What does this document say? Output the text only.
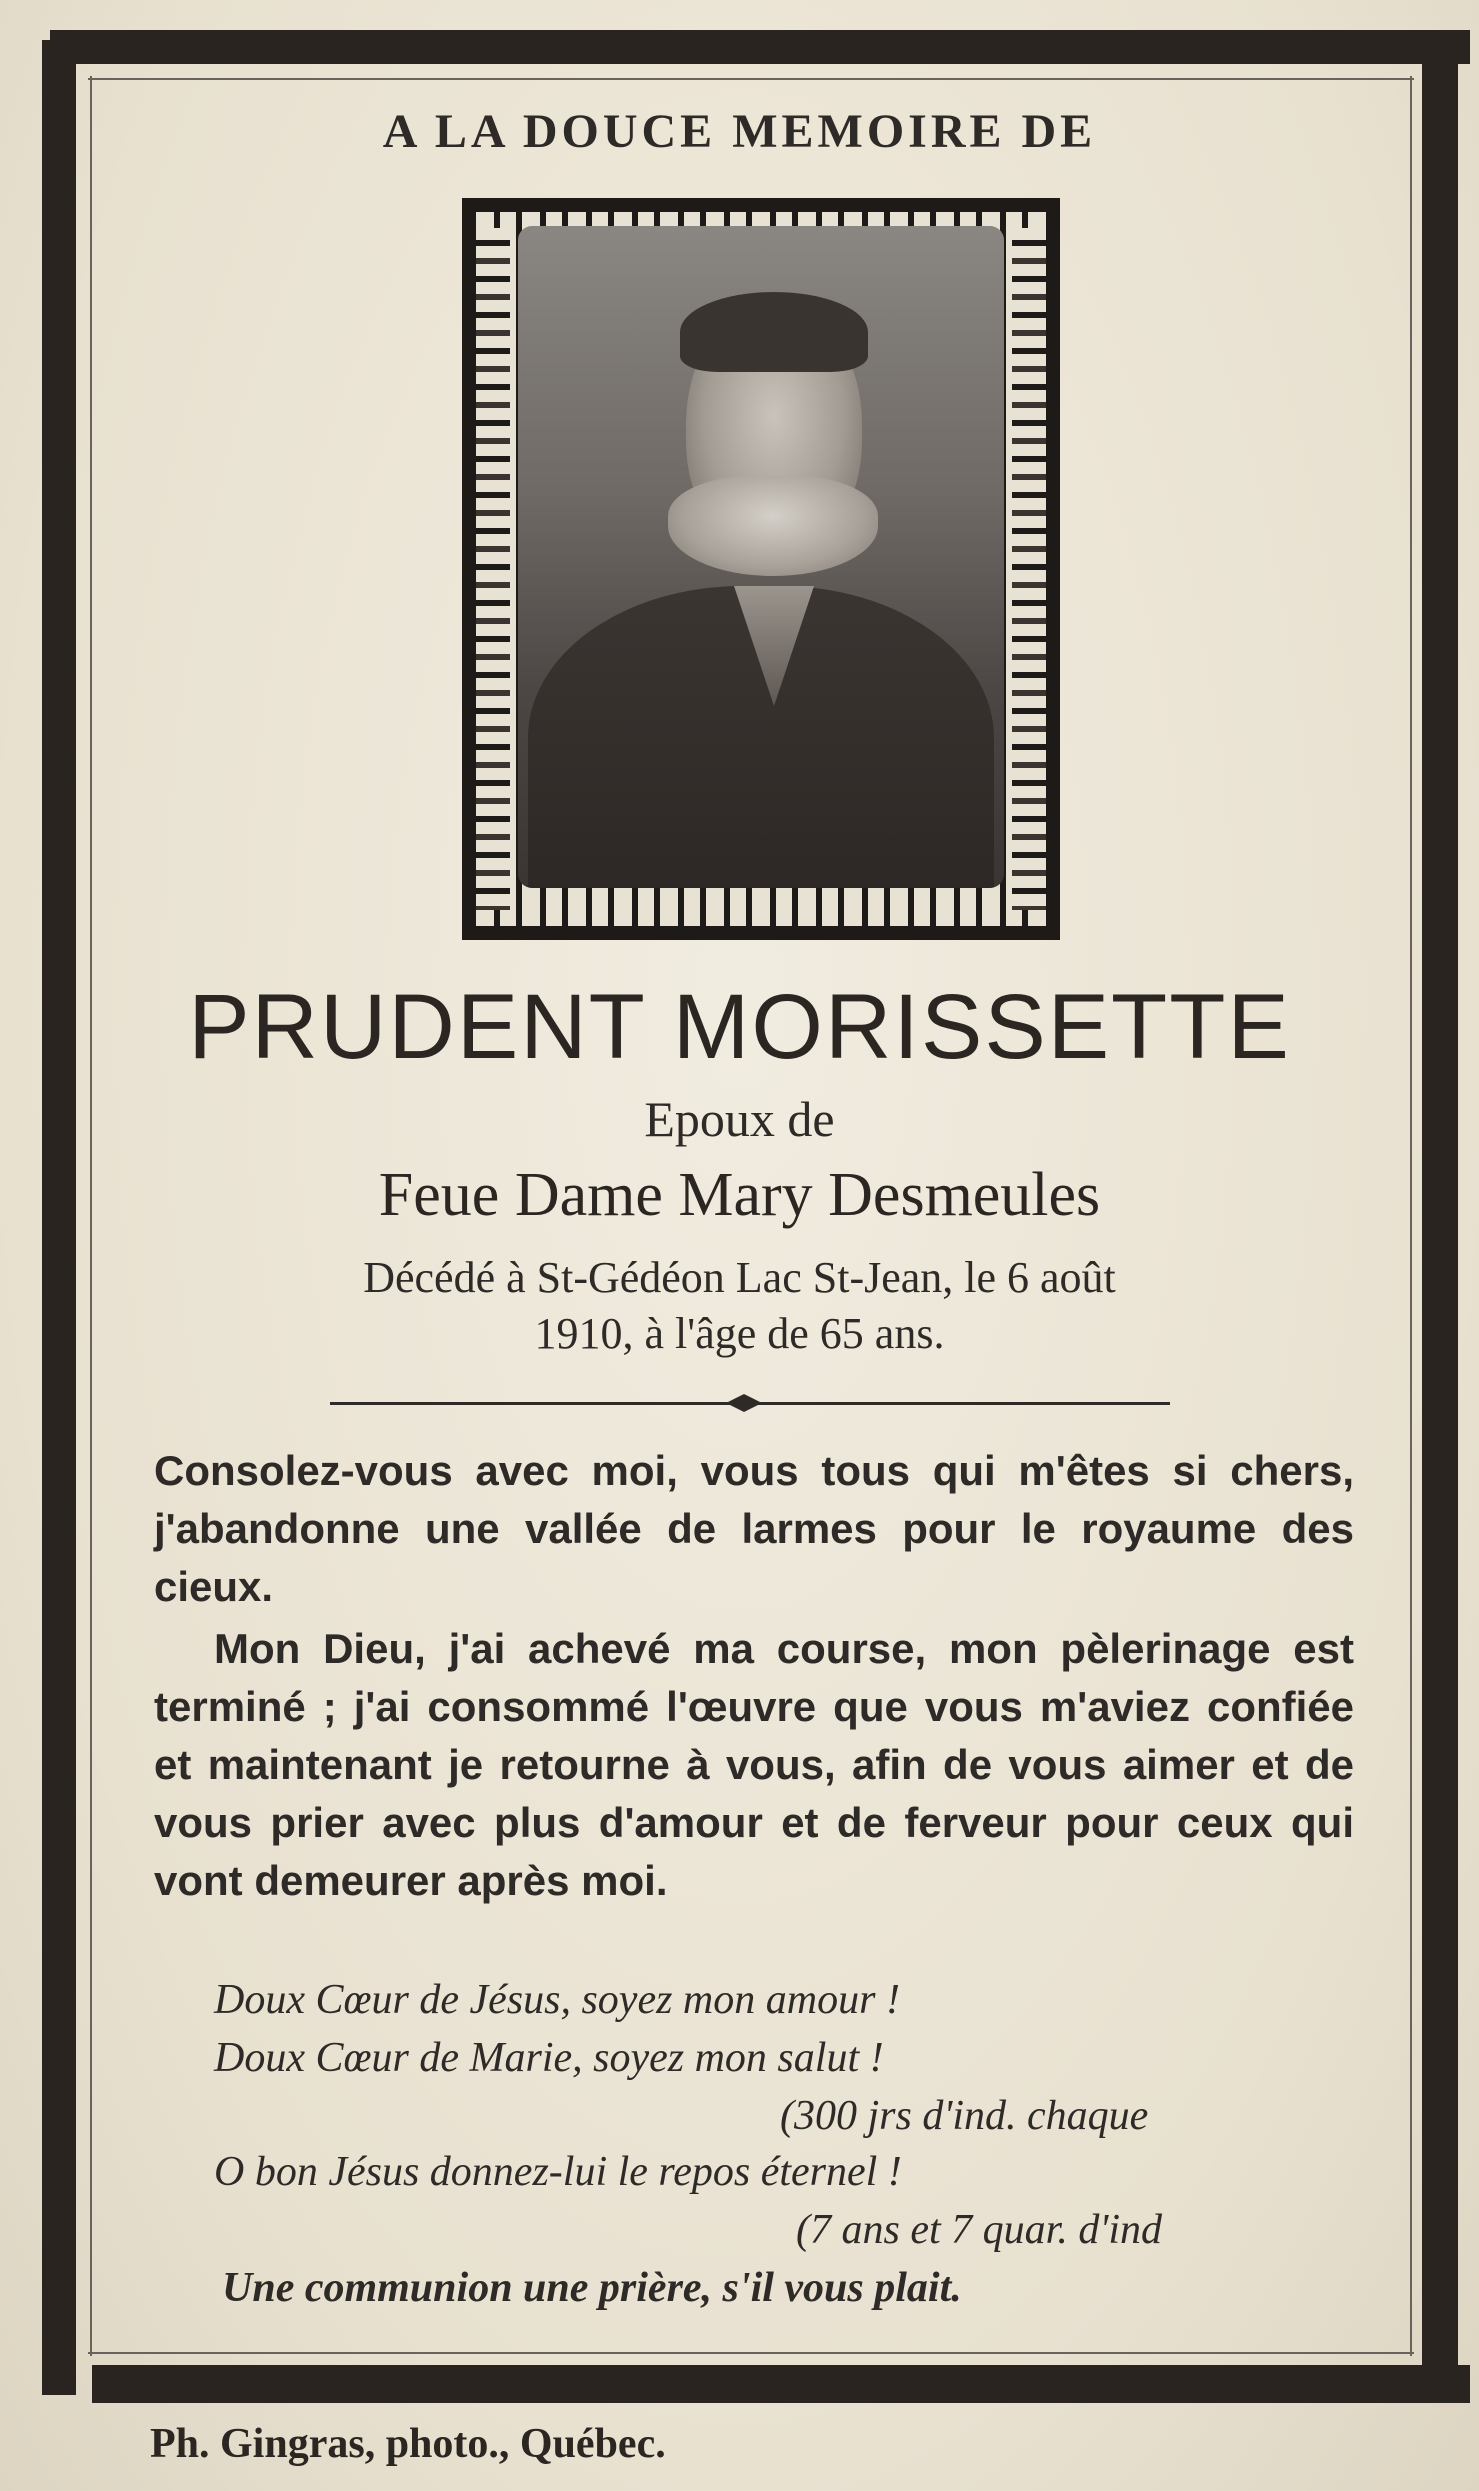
A LA DOUCE MEMOIRE DE
PRUDENT MORISSETTE
Epoux de
Feue Dame Mary Desmeules
Décédé à St-Gédéon Lac St-Jean, le 6 août
1910, à l'âge de 65 ans.
Consolez-vous avec moi, vous tous qui m'êtes si chers, j'abandonne une vallée de larmes pour le royaume des cieux.
Mon Dieu, j'ai achevé ma course, mon pèlerinage est terminé ; j'ai consommé l'œuvre que vous m'aviez confiée et maintenant je retourne à vous, afin de vous aimer et de vous prier avec plus d'amour et de ferveur pour ceux qui vont demeurer après moi.
Doux Cœur de Jésus, soyez mon amour !
Doux Cœur de Marie, soyez mon salut !
(300 jrs d'ind. chaque
O bon Jésus donnez-lui le repos éternel !
(7 ans et 7 quar. d'ind
Une communion une prière, s'il vous plait.
Ph. Gingras, photo., Québec.
